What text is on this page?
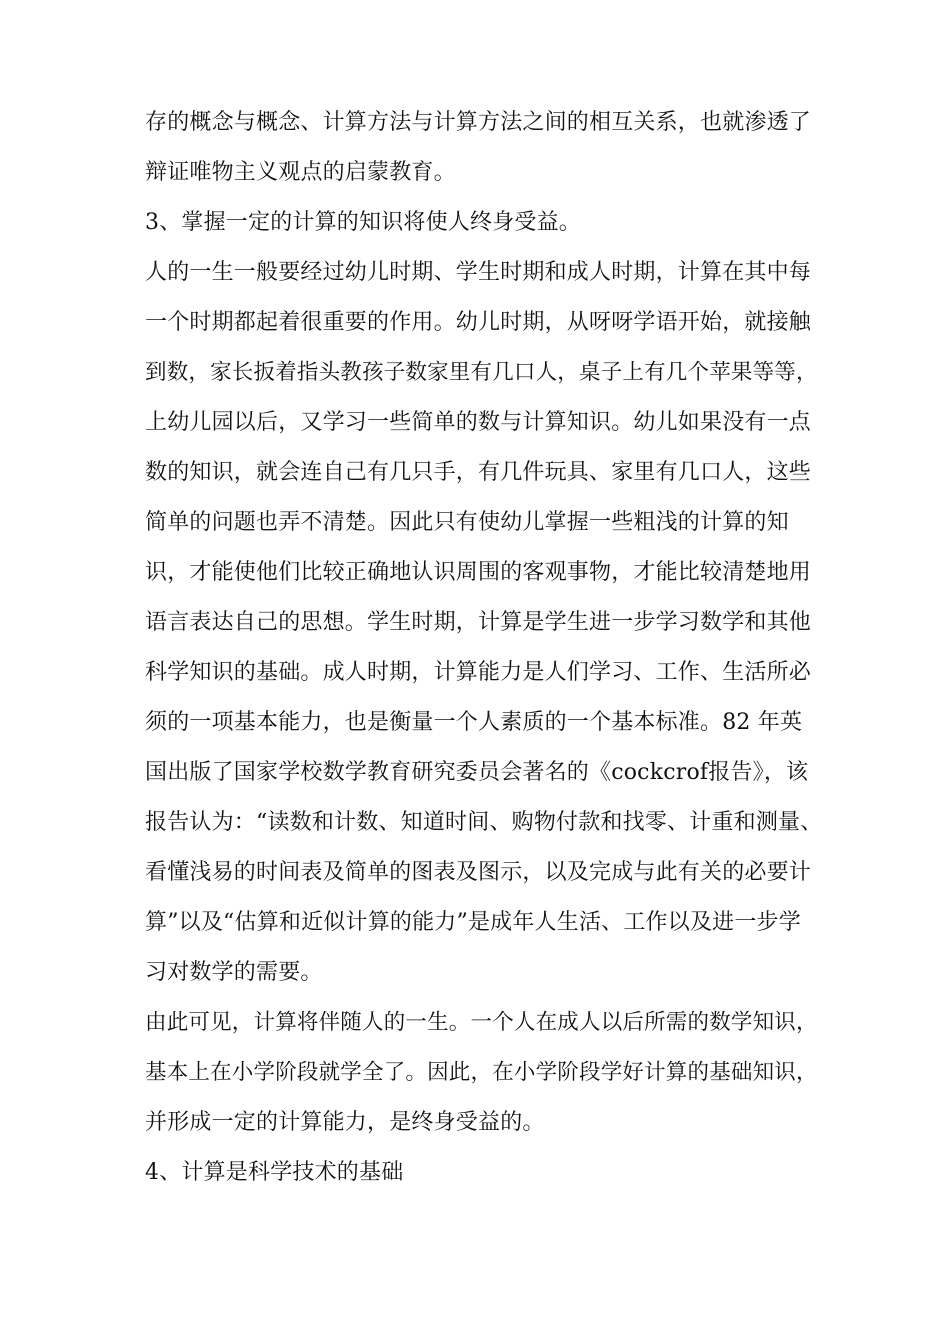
存的概念与概念、计算方法与计算方法之间的相互关系，也就渗透了
辩证唯物主义观点的启蒙教育。
3、掌握一定的计算的知识将使人终身受益。
人的一生一般要经过幼儿时期、学生时期和成人时期，计算在其中每
一个时期都起着很重要的作用。幼儿时期，从呀呀学语开始，就接触
到数，家长扳着指头教孩子数家里有几口人，桌子上有几个苹果等等，
上幼儿园以后，又学习一些简单的数与计算知识。幼儿如果没有一点
数的知识，就会连自己有几只手，有几件玩具、家里有几口人，这些
简单的问题也弄不清楚。因此只有使幼儿掌握一些粗浅的计算的知
识，才能使他们比较正确地认识周围的客观事物，才能比较清楚地用
语言表达自己的思想。学生时期，计算是学生进一步学习数学和其他
科学知识的基础。成人时期，计算能力是人们学习、工作、生活所必
须的一项基本能力，也是衡量一个人素质的一个基本标准。82 年英
国出版了国家学校数学教育研究委员会著名的《cockcrof报告》，该
报告认为：“读数和计数、知道时间、购物付款和找零、计重和测量、
看懂浅易的时间表及简单的图表及图示，以及完成与此有关的必要计
算”以及“估算和近似计算的能力”是成年人生活、工作以及进一步学
习对数学的需要。
由此可见，计算将伴随人的一生。一个人在成人以后所需的数学知识，
基本上在小学阶段就学全了。因此，在小学阶段学好计算的基础知识，
并形成一定的计算能力，是终身受益的。
4、计算是科学技术的基础
